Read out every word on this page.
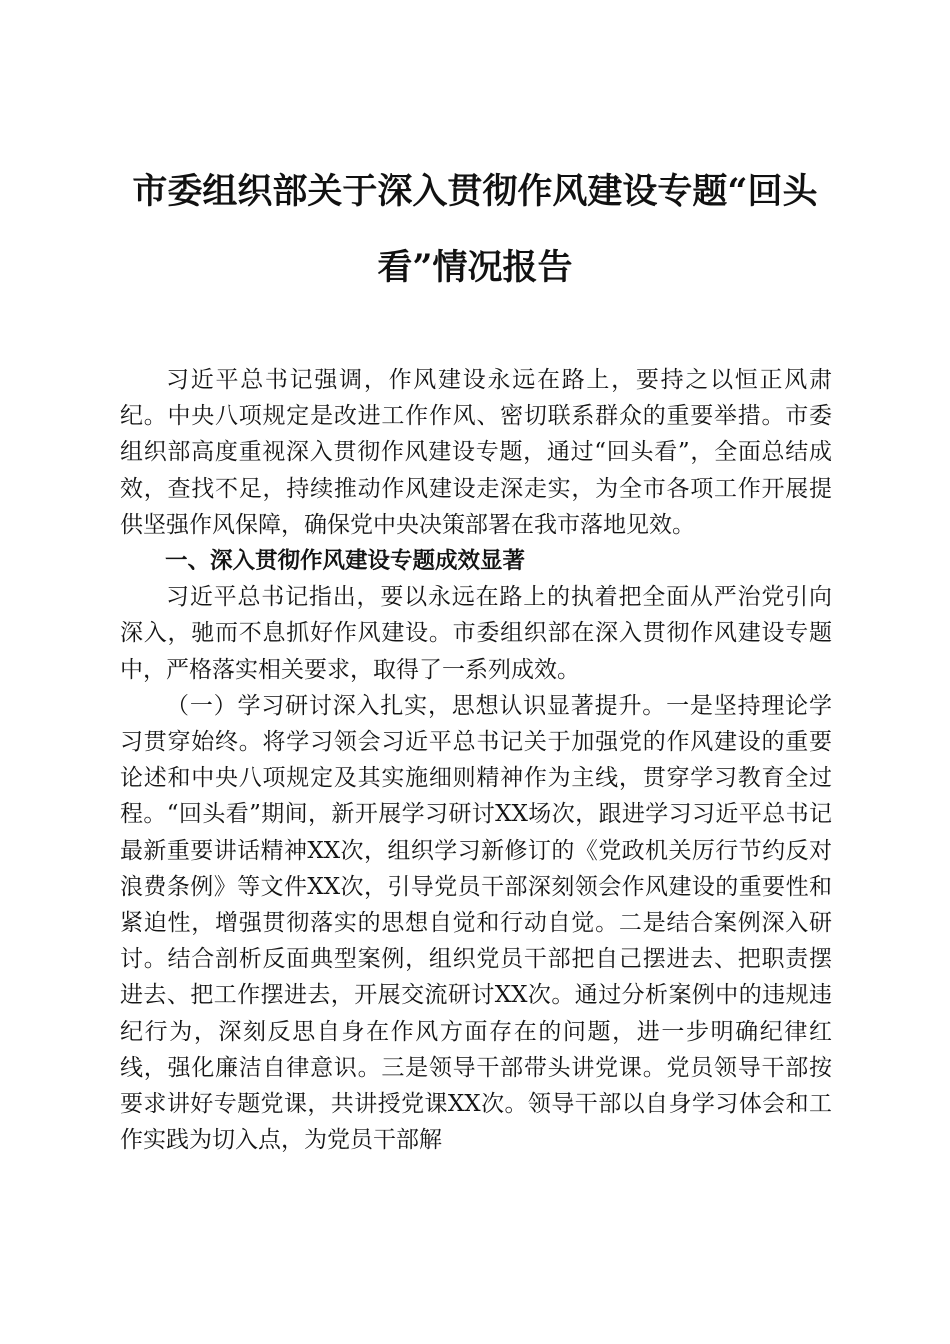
市委组织部关于深入贯彻作风建设专题“回头
看”情况报告

习近平总书记强调，作风建设永远在路上，要持之以恒正风肃纪。中央八项规定是改进工作作风、密切联系群众的重要举措。市委组织部高度重视深入贯彻作风建设专题，通过“回头看”，全面总结成效，查找不足，持续推动作风建设走深走实，为全市各项工作开展提供坚强作风保障，确保党中央决策部署在我市落地见效。

一、深入贯彻作风建设专题成效显著

习近平总书记指出，要以永远在路上的执着把全面从严治党引向深入，驰而不息抓好作风建设。市委组织部在深入贯彻作风建设专题中，严格落实相关要求，取得了一系列成效。

（一）学习研讨深入扎实，思想认识显著提升。一是坚持理论学习贯穿始终。将学习领会习近平总书记关于加强党的作风建设的重要论述和中央八项规定及其实施细则精神作为主线，贯穿学习教育全过程。“回头看”期间，新开展学习研讨XX场次，跟进学习习近平总书记最新重要讲话精神XX次，组织学习新修订的《党政机关厉行节约反对浪费条例》等文件XX次，引导党员干部深刻领会作风建设的重要性和紧迫性，增强贯彻落实的思想自觉和行动自觉。二是结合案例深入研讨。结合剖析反面典型案例，组织党员干部把自己摆进去、把职责摆进去、把工作摆进去，开展交流研讨XX次。通过分析案例中的违规违纪行为，深刻反思自身在作风方面存在的问题，进一步明确纪律红线，强化廉洁自律意识。三是领导干部带头讲党课。党员领导干部按要求讲好专题党课，共讲授党课XX次。领导干部以自身学习体会和工作实践为切入点，为党员干部解
